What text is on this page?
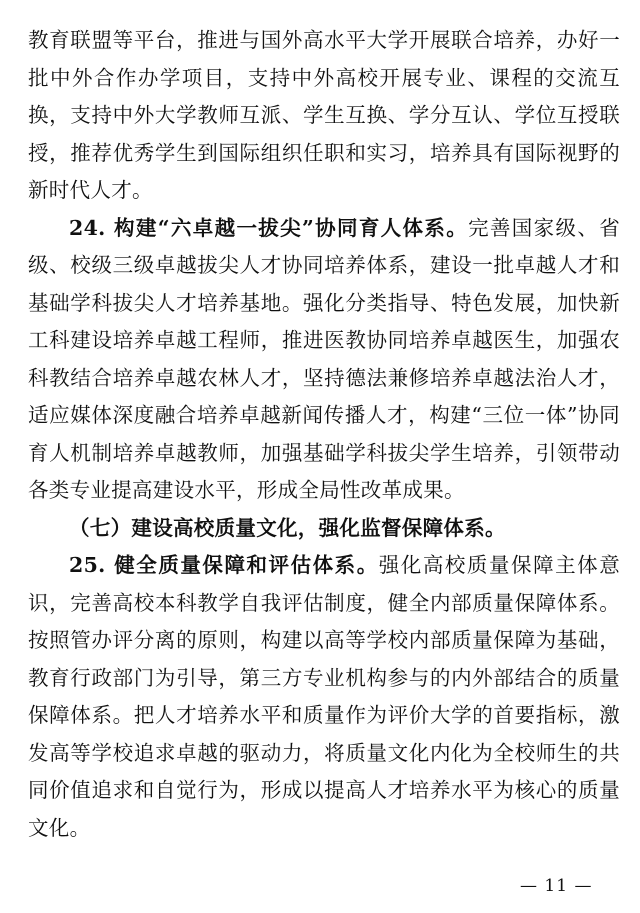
教育联盟等平台，推进与国外高水平大学开展联合培养，办好一批中外合作办学项目，支持中外高校开展专业、课程的交流互换，支持中外大学教师互派、学生互换、学分互认、学位互授联授，推荐优秀学生到国际组织任职和实习，培养具有国际视野的新时代人才。

24. 构建“六卓越一拔尖”协同育人体系。完善国家级、省级、校级三级卓越拔尖人才协同培养体系，建设一批卓越人才和基础学科拔尖人才培养基地。强化分类指导、特色发展，加快新工科建设培养卓越工程师，推进医教协同培养卓越医生，加强农科教结合培养卓越农林人才，坚持德法兼修培养卓越法治人才，适应媒体深度融合培养卓越新闻传播人才，构建“三位一体”协同育人机制培养卓越教师，加强基础学科拔尖学生培养，引领带动各类专业提高建设水平，形成全局性改革成果。

（七）建设高校质量文化，强化监督保障体系。

25. 健全质量保障和评估体系。强化高校质量保障主体意识，完善高校本科教学自我评估制度，健全内部质量保障体系。按照管办评分离的原则，构建以高等学校内部质量保障为基础，教育行政部门为引导，第三方专业机构参与的内外部结合的质量保障体系。把人才培养水平和质量作为评价大学的首要指标，激发高等学校追求卓越的驱动力，将质量文化内化为全校师生的共同价值追求和自觉行为，形成以提高人才培养水平为核心的质量文化。

— 11 —
